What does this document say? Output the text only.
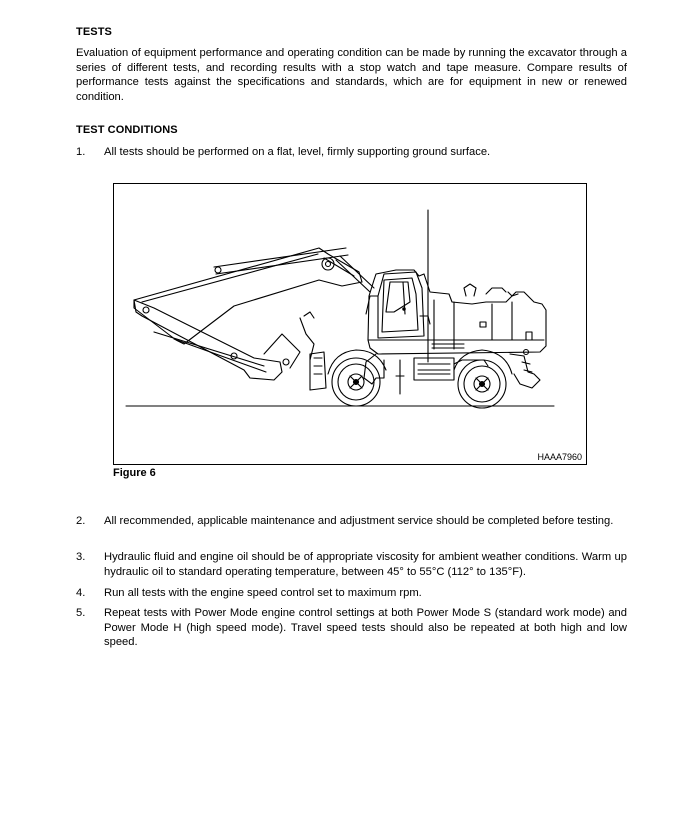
TESTS
Evaluation of equipment performance and operating condition can be made by running the excavator through a series of different tests, and recording results with a stop watch and tape measure. Compare results of performance tests against the specifications and standards, which are for equipment in new or renewed condition.
TEST CONDITIONS
1.	All tests should be performed on a flat, level, firmly supporting ground surface.
HAAA7960
Figure 6
2.	All recommended, applicable maintenance and adjustment service should be completed before testing.
3.	Hydraulic fluid and engine oil should be of appropriate viscosity for ambient weather conditions. Warm up hydraulic oil to standard operating temperature, between 45° to 55°C (112° to 135°F).
4.	Run all tests with the engine speed control set to maximum rpm.
5.	Repeat tests with Power Mode engine control settings at both Power Mode S (standard work mode) and Power Mode H (high speed mode). Travel speed tests should also be repeated at both high and low speed.
